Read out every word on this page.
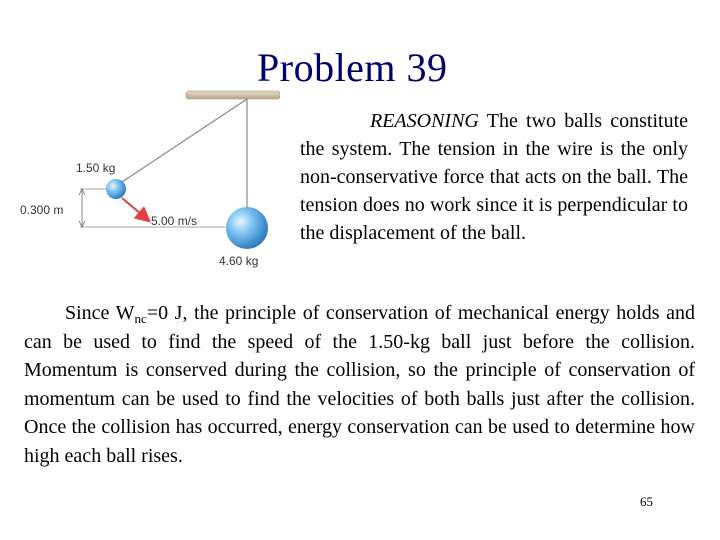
Problem 39
1.50 kg
0.300 m
5.00 m/s
4.60 kg
REASONING The two balls constitute the system. The tension in the wire is the only non-conservative force that acts on the ball. The tension does no work since it is perpendicular to the displacement of the ball.
Since $W_{nc}=0$ J, the principle of conservation of mechanical energy holds and can be used to find the speed of the 1.50-kg ball just before the collision. Momentum is conserved during the collision, so the principle of conservation of momentum can be used to find the velocities of both balls just after the collision. Once the collision has occurred, energy conservation can be used to determine how high each ball rises.
65
